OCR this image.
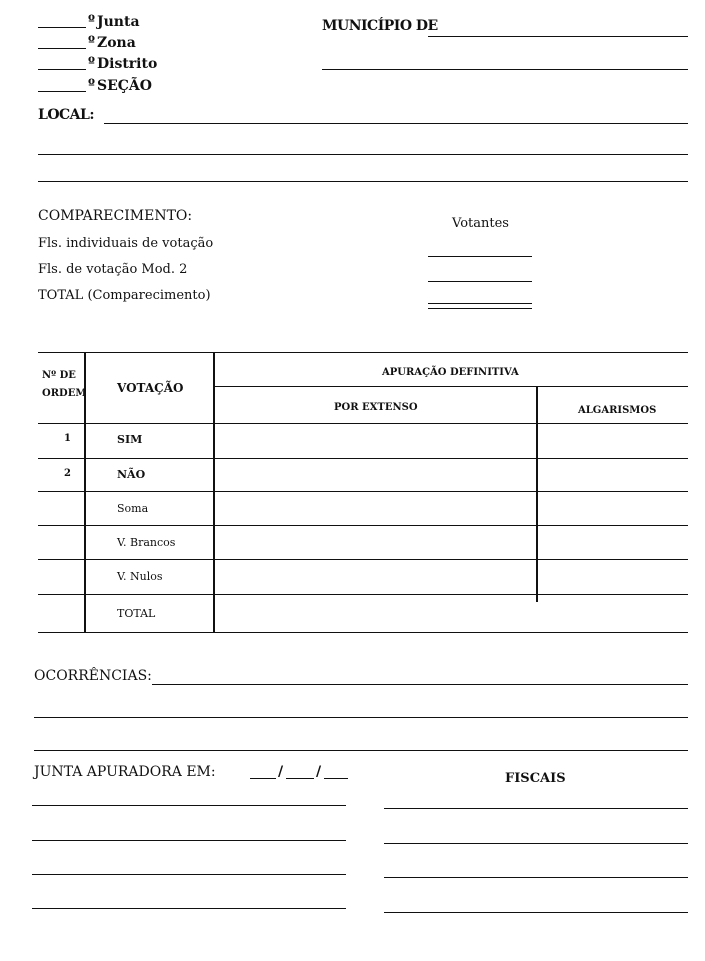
º Junta
º Zona
º Distrito
º SEÇÃO
MUNICÍPIO DE
LOCAL:
COMPARECIMENTO:	Votantes
Fls. individuais de votação
Fls. de votação Mod. 2
TOTAL (Comparecimento)
Nº DE
ORDEM	VOTAÇÃO
APURAÇÃO DEFINITIVA
POR EXTENSO	ALGARISMOS
1	SIM
2	NÃO
Soma
V. Brancos
V. Nulos
TOTAL
OCORRÊNCIAS:
JUNTA APURADORA EM:	/ /	FISCAIS
